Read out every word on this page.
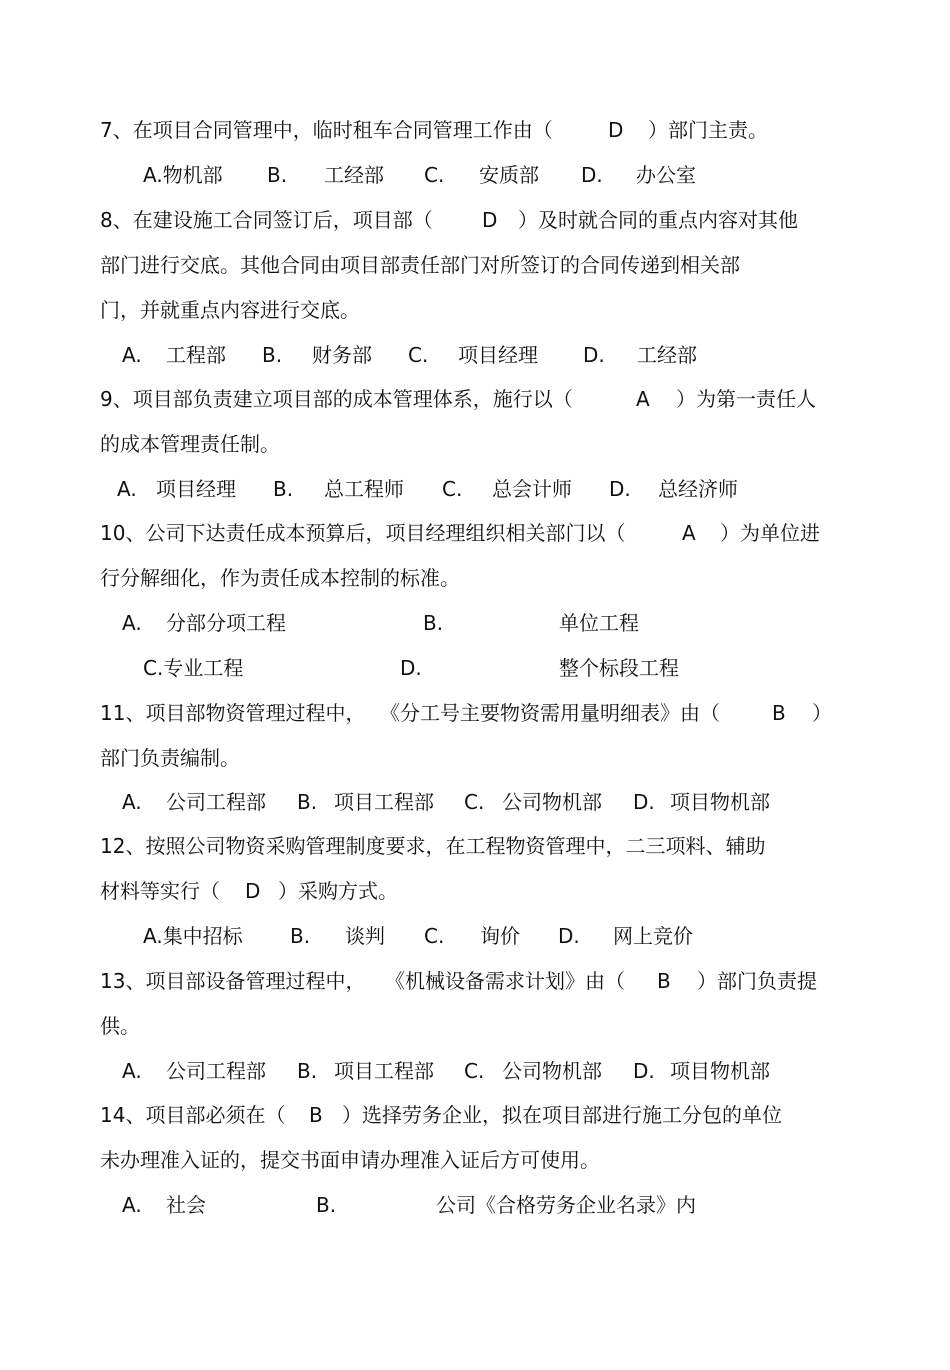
7、在项目合同管理中，临时租车合同管理工作由（

	D

）部门主责。

A.物机部

B.

工经部

C.

安质部

D.

办公室

8、在建设施工合同签订后，项目部（

D

）及时就合同的重点内容对其他

部门进行交底。其他合同由项目部责任部门对所签订的合同传递到相关部

门，并就重点内容进行交底。

A.

工程部

B.

财务部

C.

项目经理

D.

工经部

9、项目部负责建立项目部的成本管理体系，施行以（

	A

）为第一责任人

的成本管理责任制。

A.

项目经理

B.

总工程师

C.

总会计师

D.

总经济师

10、公司下达责任成本预算后，项目经理组织相关部门以（

	A

）为单位进

行分解细化，作为责任成本控制的标准。

A.

分部分项工程

	B.

	单位工程

C.专业工程

	D.

	整个标段工程

11、项目部物资管理过程中，

《分工号主要物资需用量明细表》由（

	B

）

部门负责编制。

A.

公司工程部

B.

项目工程部

C.

公司物机部

D.

项目物机部

12、按照公司物资采购管理制度要求，在工程物资管理中，二三项料、辅助

材料等实行（

D

）采购方式。

A.集中招标

B.

谈判

C.

询价

D.

网上竞价

13、项目部设备管理过程中，

《机械设备需求计划》由（

B

）部门负责提

供。

A.

公司工程部

B.

项目工程部

C.

公司物机部

D.

项目物机部

14、项目部必须在（

B

）选择劳务企业，拟在项目部进行施工分包的单位

未办理准入证的，提交书面申请办理准入证后方可使用。

A.

社会

	B.

	公司《合格劳务企业名录》内
